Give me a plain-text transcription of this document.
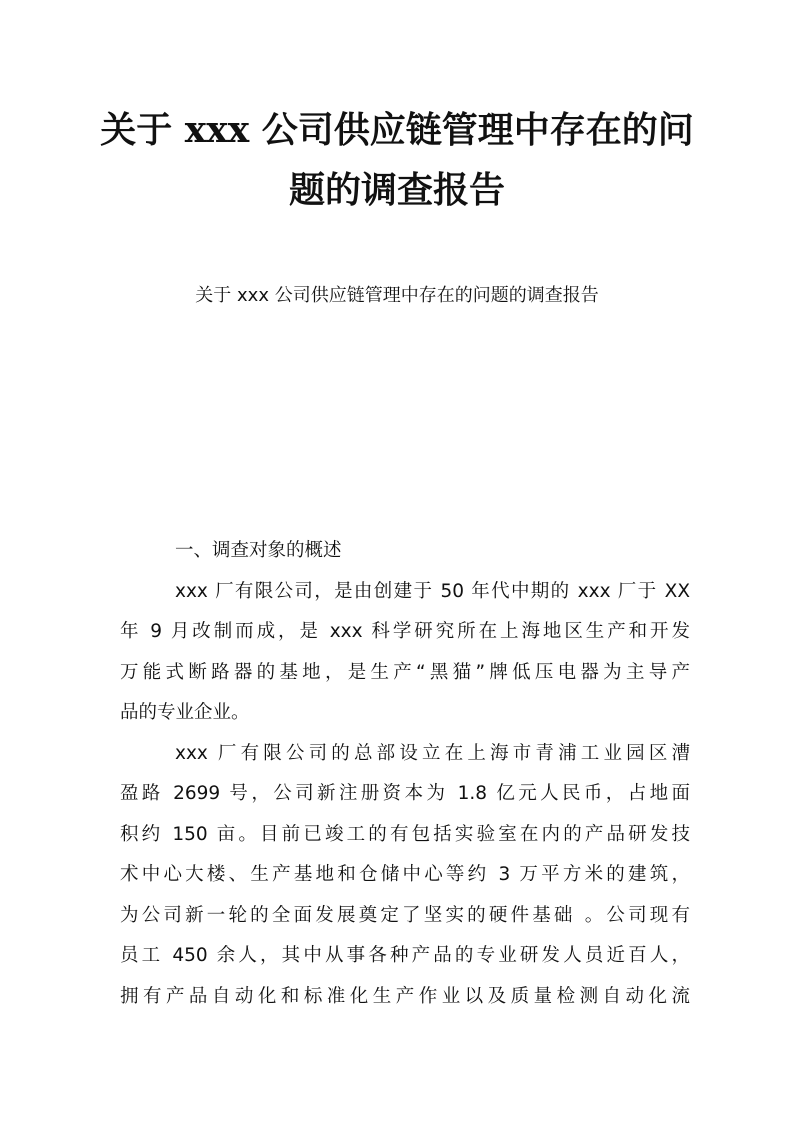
关于 xxx 公司供应链管理中存在的问
题的调查报告

关于 xxx 公司供应链管理中存在的问题的调查报告

一、调查对象的概述
xxx 厂有限公司，是由创建于 50 年代中期的 xxx 厂于 XX
年 9 月改制而成，是 xxx 科学研究所在上海地区生产和开发
万能式断路器的基地，是生产“黑猫”牌低压电器为主导产
品的专业企业。
xxx 厂有限公司的总部设立在上海市青浦工业园区漕
盈路 2699 号，公司新注册资本为 1.8 亿元人民币，占地面
积约 150 亩。目前已竣工的有包括实验室在内的产品研发技
术中心大楼、生产基地和仓储中心等约 3 万平方米的建筑，
为公司新一轮的全面发展奠定了坚实的硬件基础 。公司现有
员工 450 余人，其中从事各种产品的专业研发人员近百人，
拥有产品自动化和标准化生产作业以及质量检测自动化流
